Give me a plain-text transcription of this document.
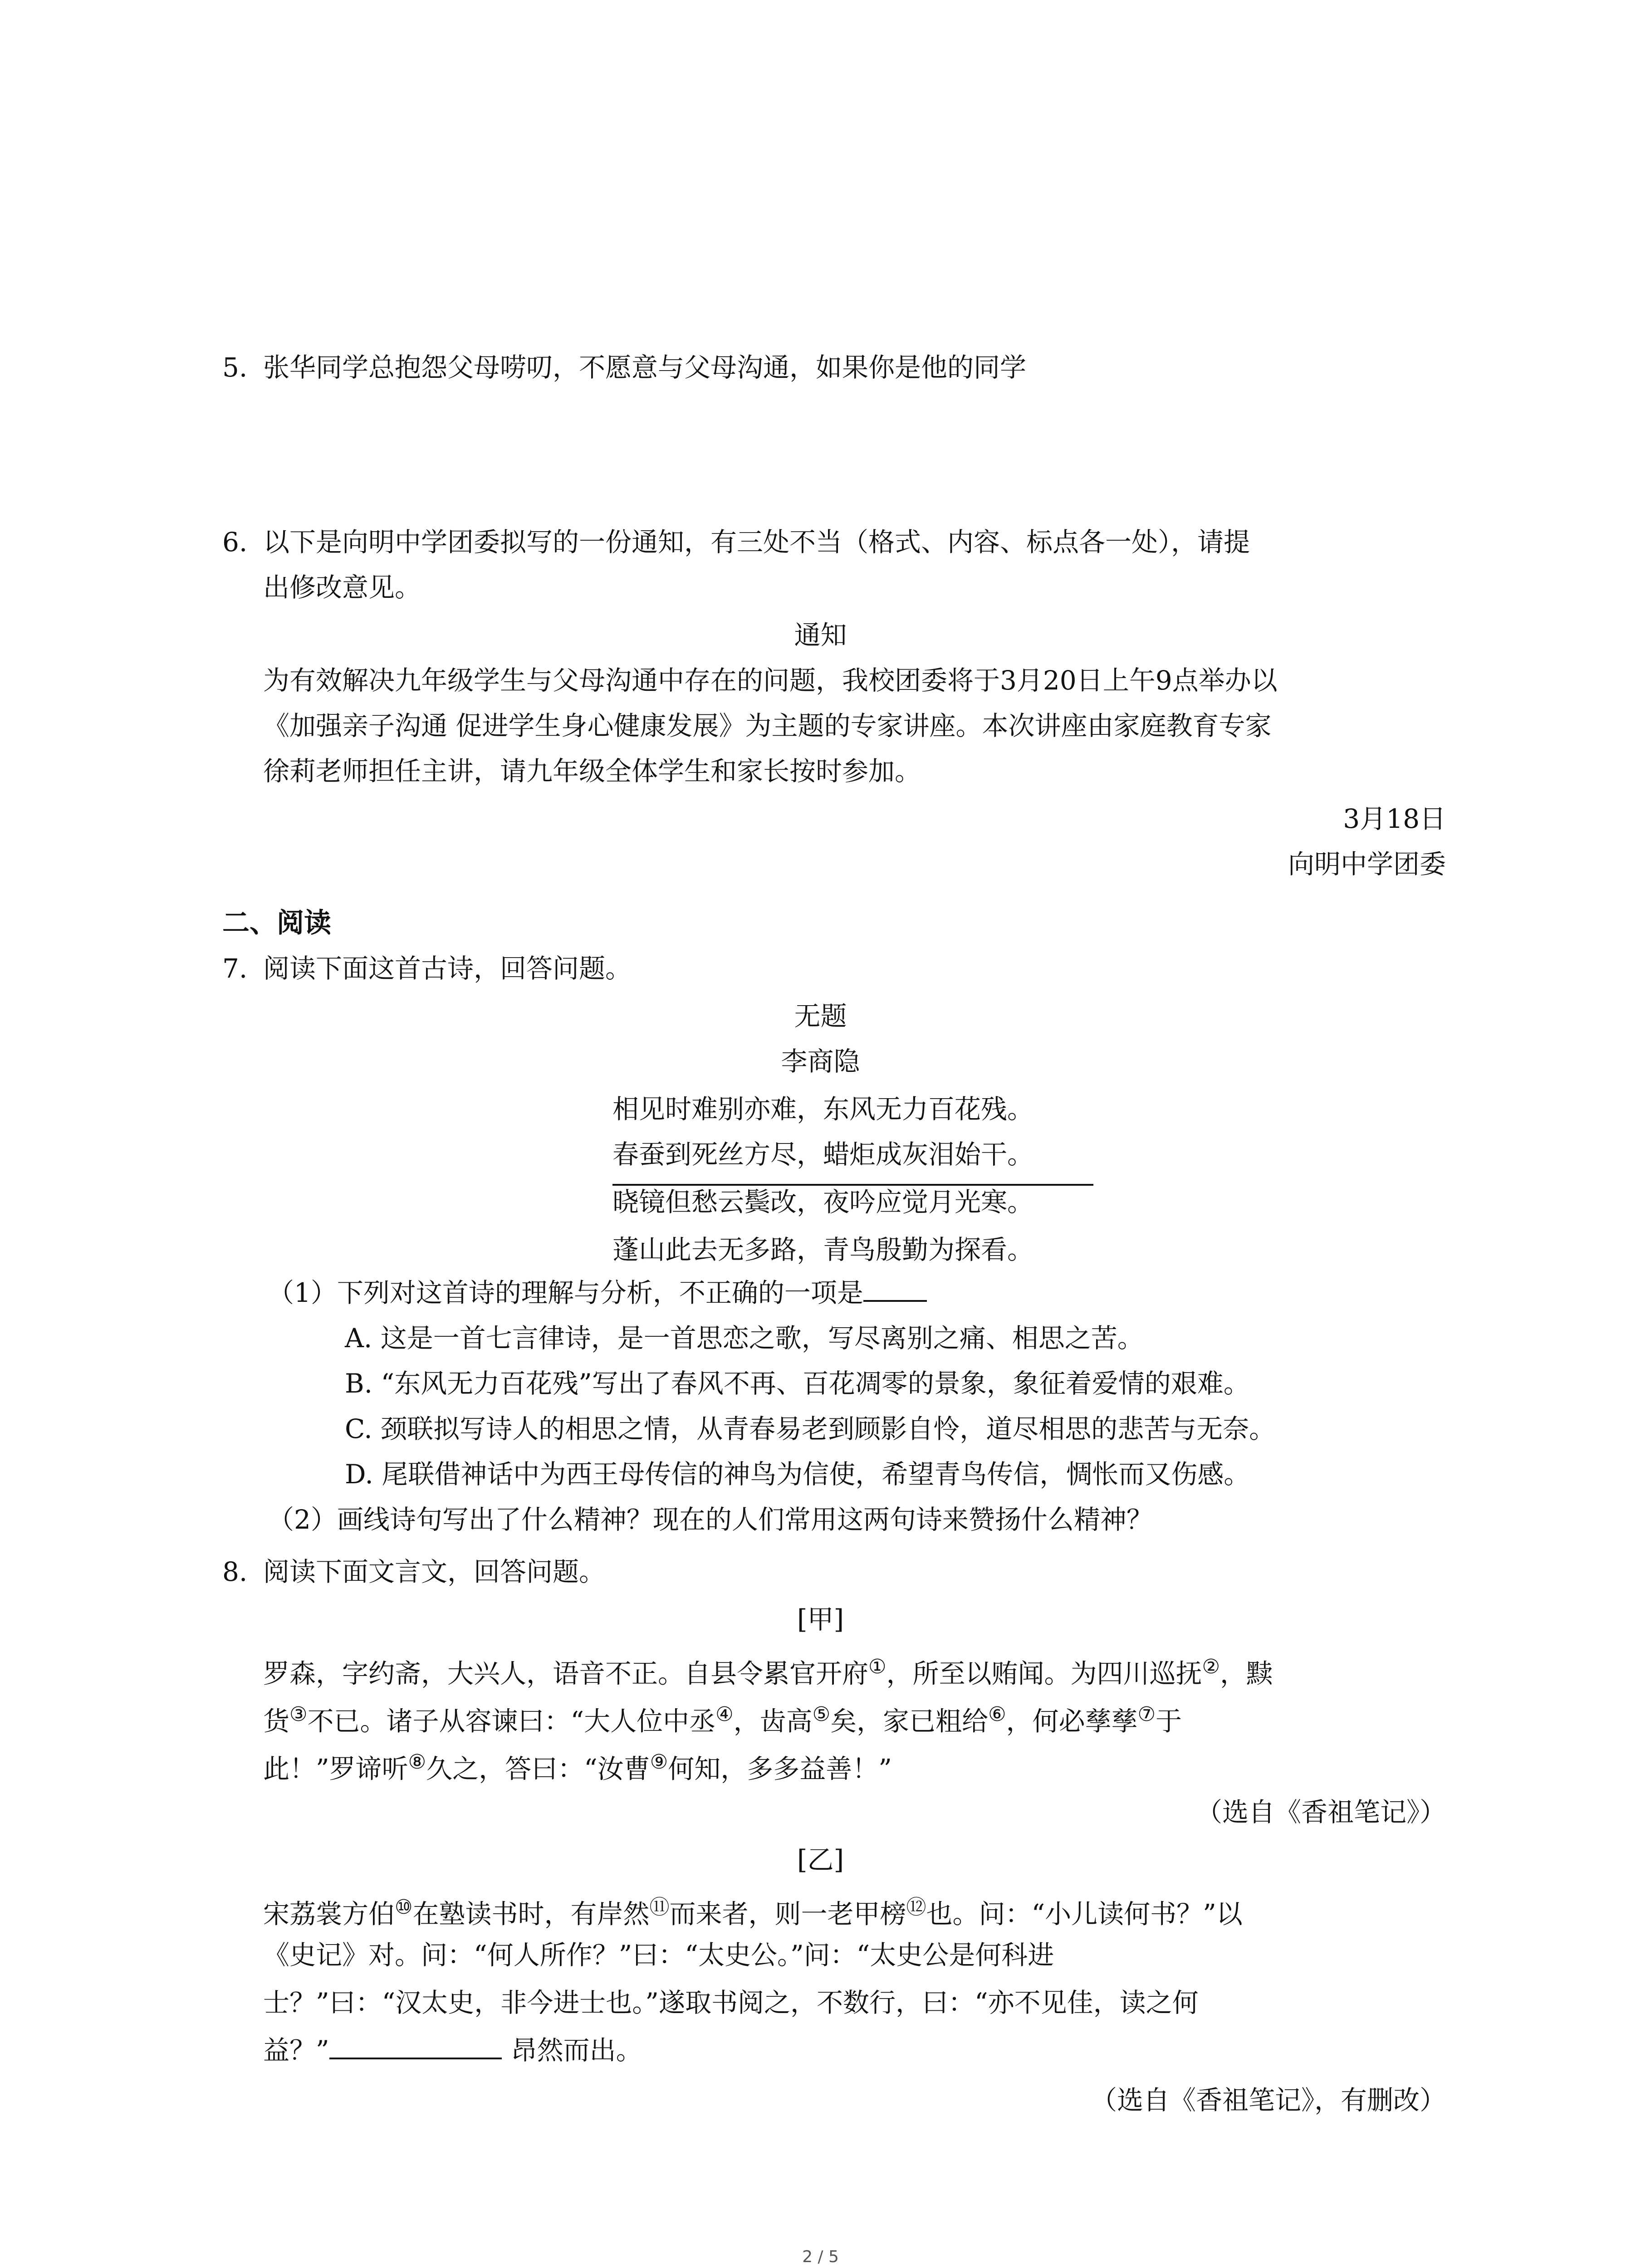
5. 张华同学总抱怨父母唠叨，不愿意与父母沟通，如果你是他的同学
6. 以下是向明中学团委拟写的一份通知，有三处不当（格式、内容、标点各一处），请提
出修改意见。
通知
为有效解决九年级学生与父母沟通中存在的问题，我校团委将于3月20日上午9点举办以
《加强亲子沟通 促进学生身心健康发展》为主题的专家讲座。本次讲座由家庭教育专家
徐莉老师担任主讲，请九年级全体学生和家长按时参加。
3月18日
向明中学团委
二、阅读
7. 阅读下面这首古诗，回答问题。
无题
李商隐
相见时难别亦难，东风无力百花残。
春蚕到死丝方尽，蜡炬成灰泪始干。
晓镜但愁云鬓改，夜吟应觉月光寒。
蓬山此去无多路，青鸟殷勤为探看。
（1）下列对这首诗的理解与分析，不正确的一项是
A. 这是一首七言律诗，是一首思恋之歌，写尽离别之痛、相思之苦。
B. “东风无力百花残”写出了春风不再、百花凋零的景象，象征着爱情的艰难。
C. 颈联拟写诗人的相思之情，从青春易老到顾影自怜，道尽相思的悲苦与无奈。
D. 尾联借神话中为西王母传信的神鸟为信使，希望青鸟传信，惆怅而又伤感。
（2）画线诗句写出了什么精神？现在的人们常用这两句诗来赞扬什么精神？
8. 阅读下面文言文，回答问题。
[甲]
罗森，字约斋，大兴人，语音不正。自县令累官开府①，所至以贿闻。为四川巡抚②，黩
货③不已。诸子从容谏曰：“大人位中丞④，齿高⑤矣，家已粗给⑥，何必孳孳⑦于
此！”罗谛听⑧久之，答曰：“汝曹⑨何知，多多益善！”
（选自《香祖笔记》）
[乙]
宋荔裳方伯⑩在塾读书时，有岸然⑪而来者，则一老甲榜⑫也。问：“小儿读何书？”以
《史记》对。问：“何人所作？”曰：“太史公。”问：“太史公是何科进
士？”曰：“汉太史，非今进士也。”遂取书阅之，不数行，曰：“亦不见佳，读之何
益？”	昂然而出。
（选自《香祖笔记》，有删改）
2 / 5
